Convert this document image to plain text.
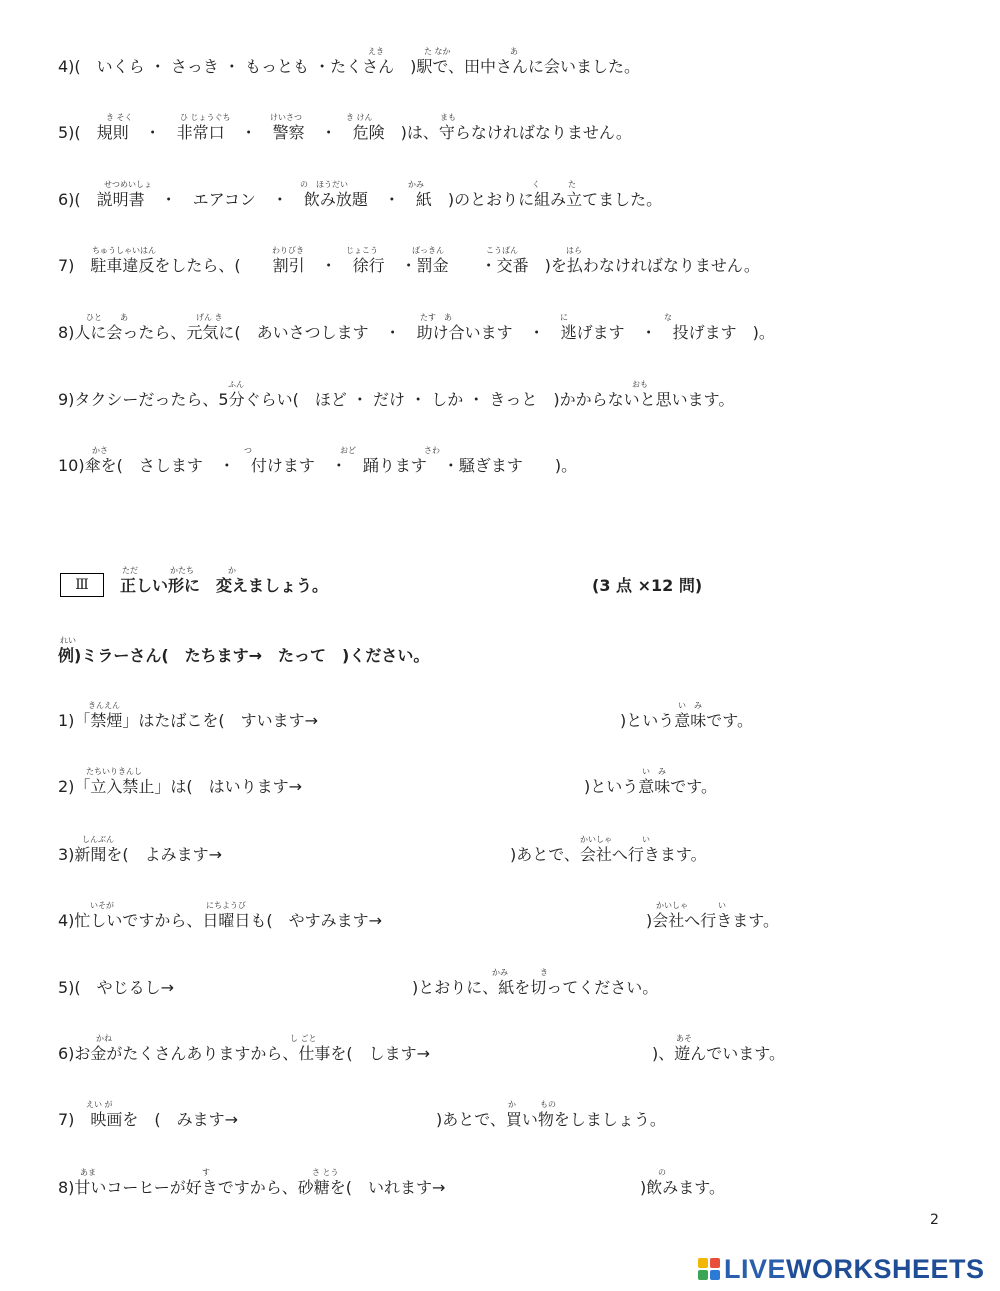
4)(　いくら ・ さっき ・ もっとも ・たくさん　)駅で、田中さんに会いました。
えき	た なか	あ
5)(　規則　・　非常口　・　警察　・　危険　)は、守らなければなりません。
き そく	ひ じょうぐち	けいさつ	き けん	まも
6)(　説明書　・　エアコン　・　飲み放題　・　紙　)のとおりに組み立てました。
せつめいしょ	の　ほうだい	かみ	く	た
7)　駐車違反をしたら、(　　割引　・　徐行　・罰金　　・交番　)を払わなければなりません。
ちゅうしゃいはん	わりびき	じょこう	ばっきん	こうばん	はら
8)人に会ったら、元気に(　あいさつします　・　助け合います　・　逃げます　・　投げます　)。
ひと あ	げん き	たす　あ	に	な
9)タクシーだったら、5分ぐらい(　ほど ・ だけ ・ しか ・ きっと　)かからないと思います。
ふん	おも
10)傘を(　さします　・　付けます　・　踊ります　・騒ぎます　　)。
かさ	つ	おど	さわ
Ⅲ	正しい形に　変えましょう。
ただ	かたち	か
(3 点 ×12 問)
例)ミラーさん(　たちます→　たって　)ください。
れい
1)「禁煙」はたばこを(　すいます→	)という意味です。
きんえん	い　み
2)「立入禁止」は(　はいります→	)という意味です。
たちいりきんし	い　み
3)新聞を(　よみます→	)あとで、会社へ行きます。
しんぶん	かいしゃ	い
4)忙しいですから、日曜日も(　やすみます→	)会社へ行きます。
いそが	にちようび	かいしゃ	い
5)(　やじるし→	)とおりに、紙を切ってください。
かみ	き
6)お金がたくさんありますから、仕事を(　します→	)、遊んでいます。
かね	し ごと	あそ
7)　映画を　(　みます→	)あとで、買い物をしましょう。
えい が	か	もの
8)甘いコーヒーが好きですから、砂糖を(　いれます→	)飲みます。
あま	す	さ とう	の
2
LIVEWORKSHEETS
